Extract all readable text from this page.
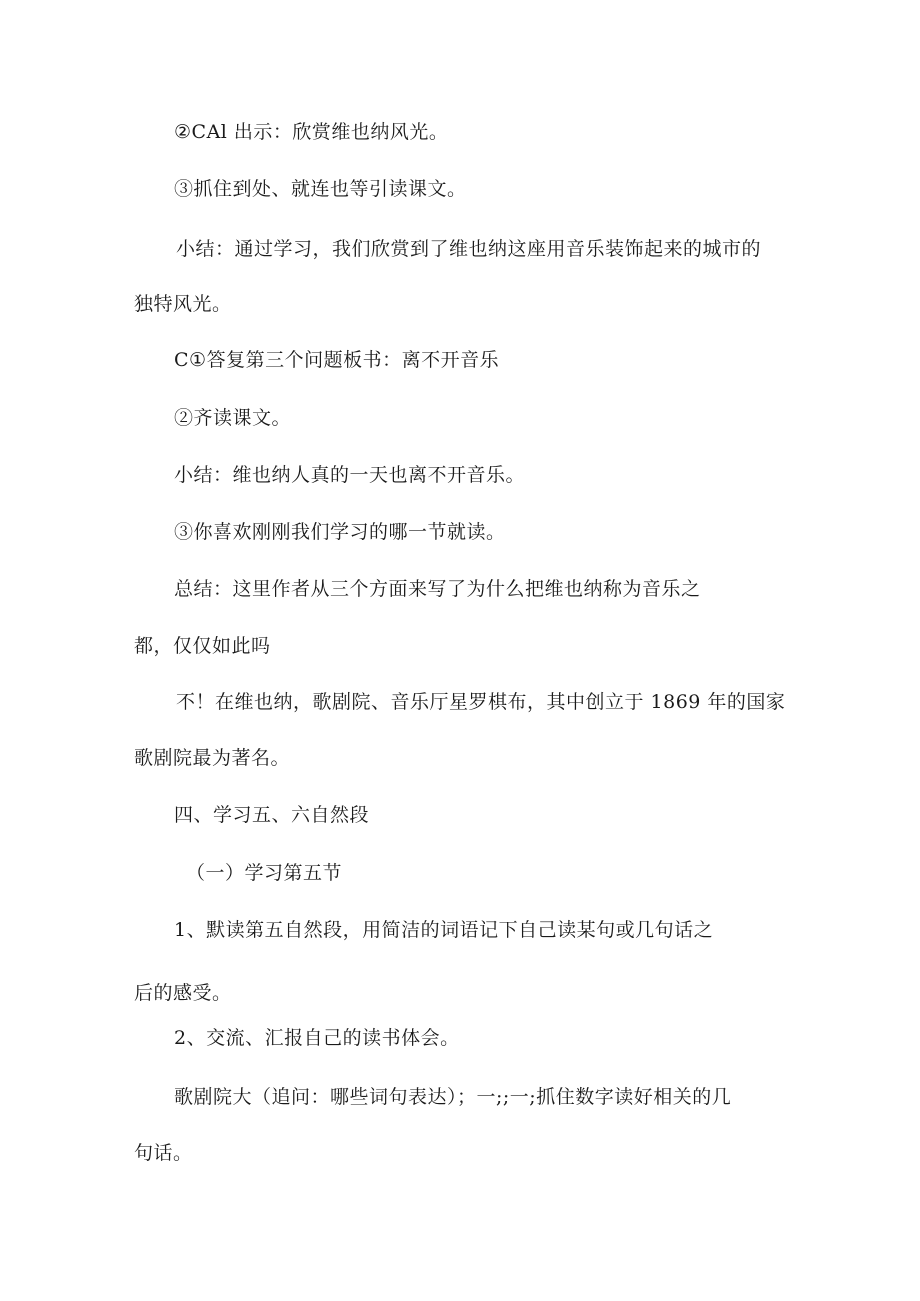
②CAl 出示：欣赏维也纳风光。
③抓住到处、就连也等引读课文。
小结：通过学习，我们欣赏到了维也纳这座用音乐装饰起来的城市的
独特风光。
C①答复第三个问题板书：离不开音乐
②齐读课文。
小结：维也纳人真的一天也离不开音乐。
③你喜欢刚刚我们学习的哪一节就读。
总结：这里作者从三个方面来写了为什么把维也纳称为音乐之
都，仅仅如此吗
不！在维也纳，歌剧院、音乐厅星罗棋布，其中创立于 1869 年的国家
歌剧院最为著名。
四、学习五、六自然段
（一）学习第五节
1、默读第五自然段，用简洁的词语记下自己读某句或几句话之
后的感受。
2、交流、汇报自己的读书体会。
歌剧院大（追问：哪些词句表达）；一;;一;抓住数字读好相关的几
句话。
